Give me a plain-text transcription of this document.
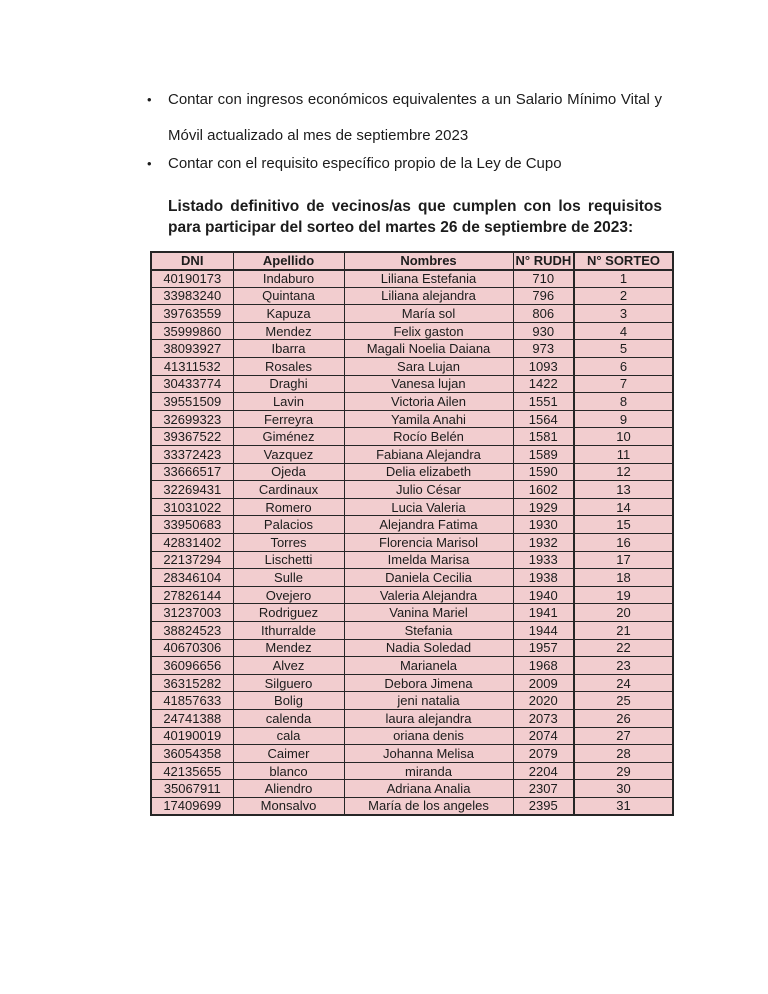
• Contar con ingresos económicos equivalentes a un Salario Mínimo Vital y Móvil actualizado al mes de septiembre 2023
• Contar con el requisito específico propio de la Ley de Cupo

Listado definitivo de vecinos/as que cumplen con los requisitos para participar del sorteo del martes 26 de septiembre de 2023:

DNI	Apellido	Nombres	N° RUDH	N° SORTEO
40190173	Indaburo	Liliana Estefania	710	1
33983240	Quintana	Liliana alejandra	796	2
39763559	Kapuza	María sol	806	3
35999860	Mendez	Felix gaston	930	4
38093927	Ibarra	Magali Noelia Daiana	973	5
41311532	Rosales	Sara Lujan	1093	6
30433774	Draghi	Vanesa lujan	1422	7
39551509	Lavin	Victoria Ailen	1551	8
32699323	Ferreyra	Yamila Anahi	1564	9
39367522	Giménez	Rocío Belén	1581	10
33372423	Vazquez	Fabiana Alejandra	1589	11
33666517	Ojeda	Delia elizabeth	1590	12
32269431	Cardinaux	Julio César	1602	13
31031022	Romero	Lucia Valeria	1929	14
33950683	Palacios	Alejandra Fatima	1930	15
42831402	Torres	Florencia Marisol	1932	16
22137294	Lischetti	Imelda Marisa	1933	17
28346104	Sulle	Daniela Cecilia	1938	18
27826144	Ovejero	Valeria Alejandra	1940	19
31237003	Rodriguez	Vanina Mariel	1941	20
38824523	Ithurralde	Stefania	1944	21
40670306	Mendez	Nadia Soledad	1957	22
36096656	Alvez	Marianela	1968	23
36315282	Silguero	Debora Jimena	2009	24
41857633	Bolig	jeni natalia	2020	25
24741388	calenda	laura alejandra	2073	26
40190019	cala	oriana denis	2074	27
36054358	Caimer	Johanna Melisa	2079	28
42135655	blanco	miranda	2204	29
35067911	Aliendro	Adriana Analia	2307	30
17409699	Monsalvo	María de los angeles	2395	31
